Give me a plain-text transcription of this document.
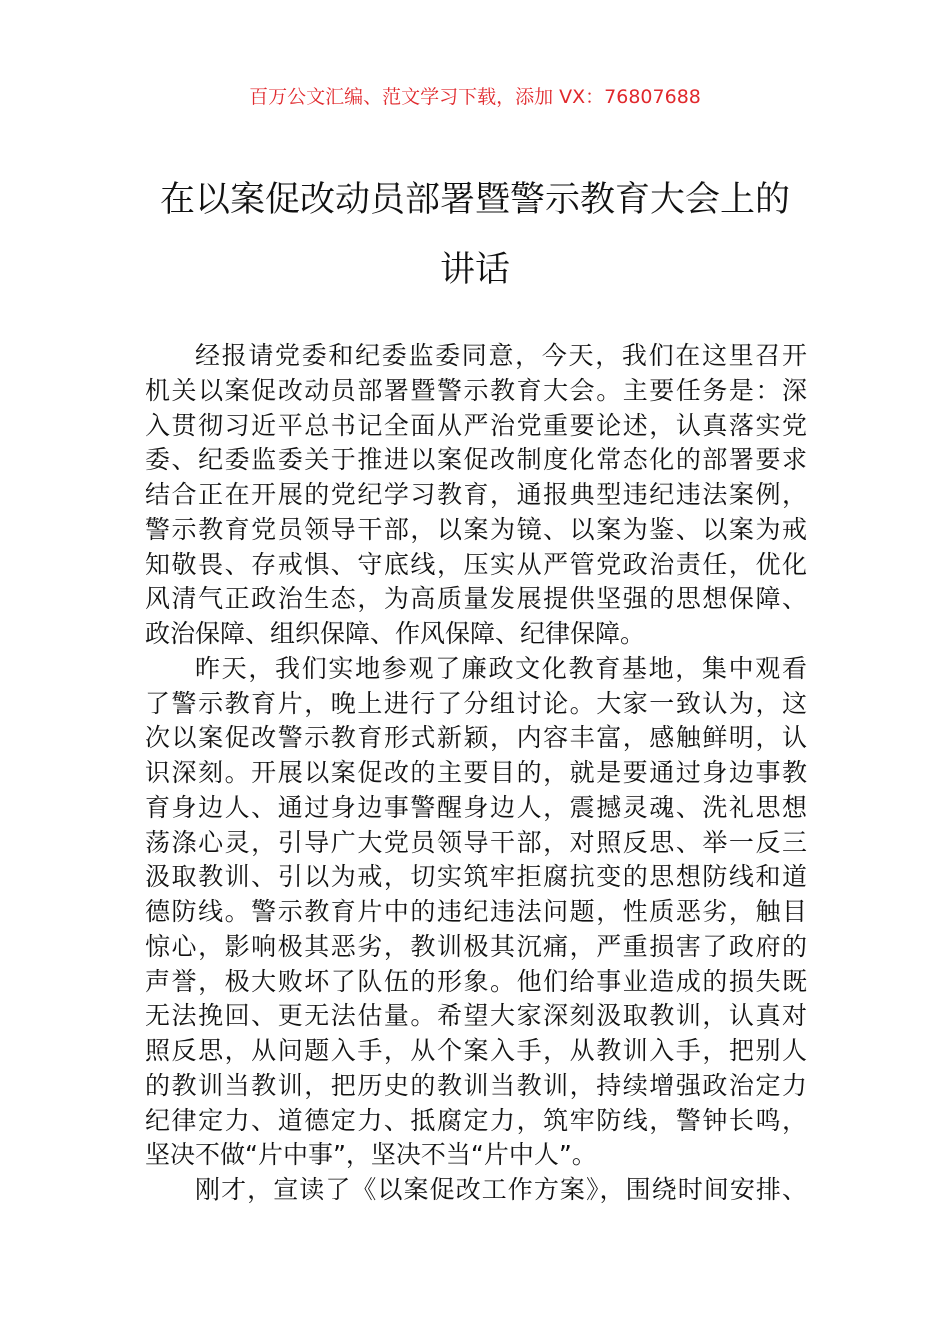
百万公文汇编、范文学习下载，添加 VX：76807688
在以案促改动员部署暨警示教育大会上的
讲话
经报请党委和纪委监委同意，今天，我们在这里召开
机关以案促改动员部署暨警示教育大会。主要任务是：深
入贯彻习近平总书记全面从严治党重要论述，认真落实党
委、纪委监委关于推进以案促改制度化常态化的部署要求
结合正在开展的党纪学习教育，通报典型违纪违法案例，
警示教育党员领导干部，以案为镜、以案为鉴、以案为戒
知敬畏、存戒惧、守底线，压实从严管党政治责任，优化
风清气正政治生态，为高质量发展提供坚强的思想保障、
政治保障、组织保障、作风保障、纪律保障。
昨天，我们实地参观了廉政文化教育基地，集中观看
了警示教育片，晚上进行了分组讨论。大家一致认为，这
次以案促改警示教育形式新颖，内容丰富，感触鲜明，认
识深刻。开展以案促改的主要目的，就是要通过身边事教
育身边人、通过身边事警醒身边人，震撼灵魂、洗礼思想
荡涤心灵，引导广大党员领导干部，对照反思、举一反三
汲取教训、引以为戒，切实筑牢拒腐抗变的思想防线和道
德防线。警示教育片中的违纪违法问题，性质恶劣，触目
惊心，影响极其恶劣，教训极其沉痛，严重损害了政府的
声誉，极大败坏了队伍的形象。他们给事业造成的损失既
无法挽回、更无法估量。希望大家深刻汲取教训，认真对
照反思，从问题入手，从个案入手，从教训入手，把别人
的教训当教训，把历史的教训当教训，持续增强政治定力
纪律定力、道德定力、抵腐定力，筑牢防线，警钟长鸣，
坚决不做“片中事”，坚决不当“片中人”。
刚才，宣读了《以案促改工作方案》，围绕时间安排、
